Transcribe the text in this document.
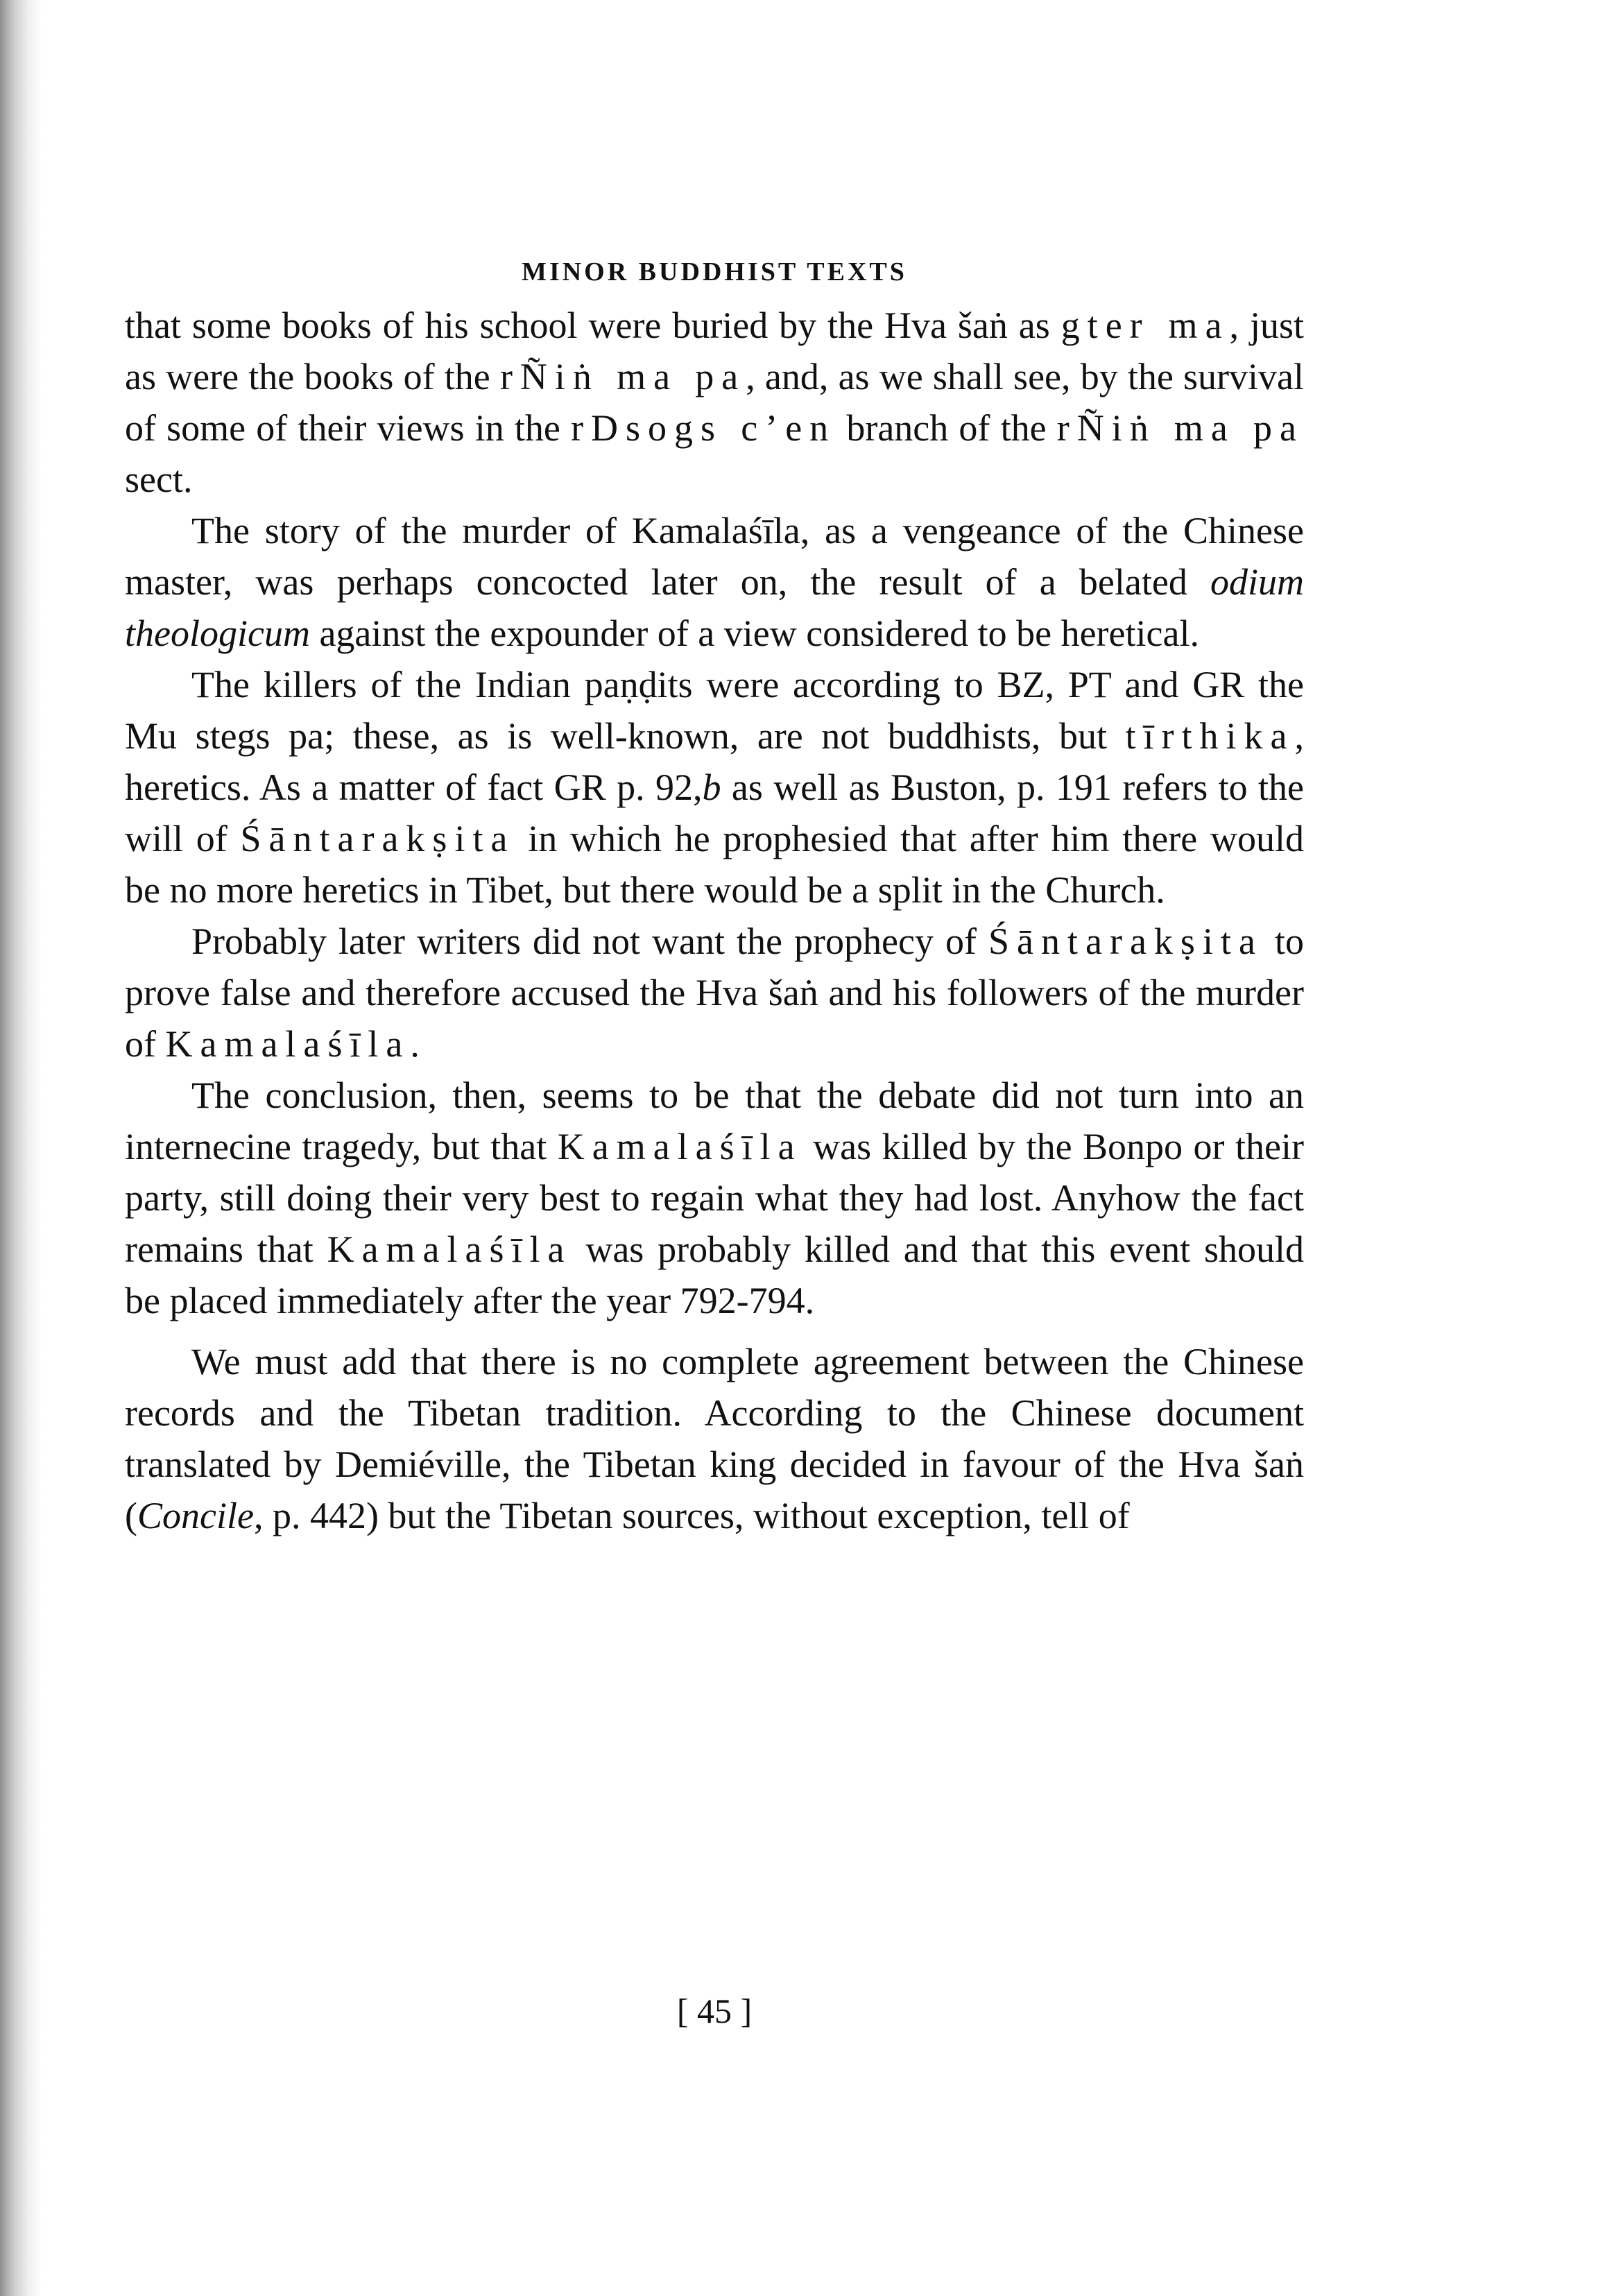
MINOR BUDDHIST TEXTS

that some books of his school were buried by the Hva šaṅ as gter ma, just as were the books of the rÑiṅ ma pa, and, as we shall see, by the survival of some of their views in the rDsogs c’en branch of the rÑiṅ ma pa sect.

The story of the murder of Kamalaśīla, as a vengeance of the Chinese master, was perhaps concocted later on, the result of a belated odium theologicum against the expounder of a view considered to be heretical.

The killers of the Indian paṇḍits were according to BZ, PT and GR the Mu stegs pa; these, as is well-known, are not buddhists, but tīrthika, heretics. As a matter of fact GR p. 92,b as well as Buston, p. 191 refers to the will of Śāntarakṣita in which he prophesied that after him there would be no more heretics in Tibet, but there would be a split in the Church.

Probably later writers did not want the prophecy of Śāntarakṣita to prove false and therefore accused the Hva šaṅ and his followers of the murder of Kamalaśīla.

The conclusion, then, seems to be that the debate did not turn into an internecine tragedy, but that Kamalaśīla was killed by the Bonpo or their party, still doing their very best to regain what they had lost. Anyhow the fact remains that Kamalaśīla was probably killed and that this event should be placed immediately after the year 792-794.

We must add that there is no complete agreement between the Chinese records and the Tibetan tradition. According to the Chinese document translated by Demiéville, the Tibetan king decided in favour of the Hva šaṅ (Concile, p. 442) but the Tibetan sources, without exception, tell of

[ 45 ]
